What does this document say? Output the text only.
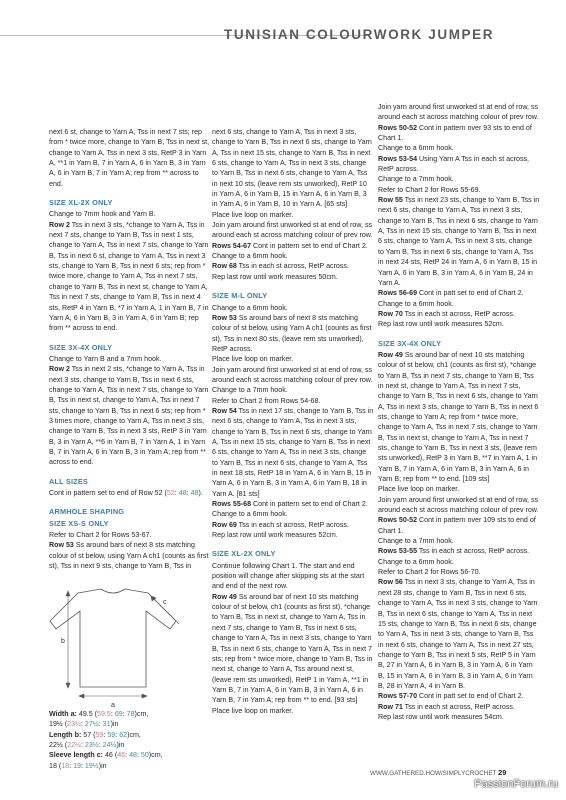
TUNISIAN COLOURWORK JUMPER

next 6 st, change to Yarn A, Tss in next 7 sts; rep from * twice more, change to Yarn B, Tss in next st, change to Yarn A, Tss in next 3 sts, RetP 3 in Yarn A, **1 in Yarn B, 7 in Yarn A, 6 in Yarn B, 3 in Yarn A, 6 in Yarn B, 7 in Yarn A; rep from ** across to end.

SIZE XL-2X ONLY

Change to 7mm hook and Yarn B.

Row 2 Tss in next 3 sts, *change to Yarn A, Tss in next 7 sts, change to Yarn B, Tss in next 1 sts, change to Yarn A, Tss in next 7 sts, change to Yarn B, Tss in next 6 st, change to Yarn A, Tss in next 3 sts, change to Yarn B, Tss in next 6 sts; rep from * twice more, change to Yarn A, Tss in next 7 sts, change to Yarn B, Tss in next st, change to Yarn A, Tss in next 7 sts, change to Yarn B, Tss in next 4 sts, RetP 4 in Yarn B, *7 in Yarn A, 1 in Yarn B, 7 in Yarn A, 6 in Yarn B, 3 in Yarn A, 6 in Yarn B; rep from ** across to end.

SIZE 3X-4X ONLY

Change to Yarn B and a 7mm hook.

Row 2 Tss in next 2 sts, *change to Yarn A, Tss in next 3 sts, change to Yarn B, Tss in next 6 sts, change to Yarn A, Tss in next 7 sts, change to Yarn B, Tss in next st, change to Yarn A, Tss in next 7 sts, change to Yarn B, Tss in next 6 sts; rep from * 3 times more, change to Yarn A, Tss in next 3 sts, change to Yarn B, Tss in next 3 sts, RetP 3 in Yarn B, 3 in Yarn A, **6 in Yarn B, 7 in Yarn A, 1 in Yarn B, 7 in Yarn A, 6 in Yarn B, 3 in Yarn A; rep from ** across to end.

ALL SIZES

Cont in pattern set to end of Row 52 (52: 48: 48).

ARMHOLE SHAPING
SIZE XS-S ONLY

Refer to Chart 2 for Rows 53-67.

Row 53 Ss around bars of next 8 sts matching colour of st below, using Yarn A ch1 (counts as first st), Tss in next 9 sts, change to Yarn B, Tss in

b
a
c
Width a: 49.5 (59.5: 69: 78)cm,
19½ (23½: 27½: 31)in
Length b: 57 (59: 59: 62)cm,
22½ (22½: 23½: 24½)in
Sleeve length c: 46 (46: 48: 50)cm,
18 (18: 19: 19½)in

next 6 sts, change to Yarn A, Tss in next 3 sts, change to Yarn B, Tss in next 6 sts, change to Yarn A, Tss in next 15 sts, change to Yarn B, Tss in next 6 sts, change to Yarn A, Tss in next 3 sts, change to Yarn B, Tss in next 6 sts, change to Yarn A, Tss in next 10 sts, (leave rem sts unworked), RetP 10 in Yarn A, 6 in Yarn B, 15 in Yarn A, 6 in Yarn B, 3 in Yarn A, 6 in Yarn B, 10 in Yarn A. [65 sts]

Place live loop on marker.

Join yarn around first unworked st at end of row, ss around each st across matching colour of prev row.

Rows 54-67 Cont in pattern set to end of Chart 2.

Change to a 6mm hook.

Row 68 Tss in each st across, RetP across.

Rep last row until work measures 50cm.

SIZE M-L ONLY

Change to a 6mm hook.

Row 53 Ss around bars of next 8 sts matching colour of st below, using Yarn A ch1 (counts as first st), Tss in next 80 sts, (leave rem sts unworked), RetP across.

Place live loop on marker.

Join yarn around first unworked st at end of row, ss around each st across matching colour of prev row.

Change to a 7mm hook.

Refer to Chart 2 from Rows 54-68.

Row 54 Tss in next 17 sts, change to Yarn B, Tss in next 6 sts, change to Yarn A, Tss in next 3 sts, change to Yarn B, Tss in next 6 sts, change to Yarn A, Tss in next 15 sts, change to Yarn B, Tss in next 6 sts, change to Yarn A, Tss in next 3 sts, change to Yarn B, Tss in next 6 sts, change to Yarn A, Tss in next 18 sts, RetP 18 in Yarn A, 6 in Yarn B, 15 in Yarn A, 6 in Yarn B, 3 in Yarn A, 6 in Yarn B, 18 in Yarn A. [81 sts]

Rows 55-68 Cont in pattern set to end of Chart 2.

Change to a 6mm hook.

Row 69 Tss in each st across, RetP across.

Rep last row until work measures 52cm.

SIZE XL-2X ONLY

Continue following Chart 1. The start and end position will change after skipping sts at the start and end of the next row.

Row 49 Ss around bar of next 10 sts matching colour of st below, ch1 (counts as first st), *change to Yarn B, Tss in next st, change to Yarn A, Tss in next 7 sts, change to Yarn B, Tss in next 6 sts, change to Yarn A, Tss in next 3 sts, change to Yarn B, Tss in next 6 sts, change to Yarn A, Tss in next 7 sts; rep from * twice more, change to Yarn B, Tss in next st, change to Yarn A, Tss around next st, (leave rem sts unworked), RetP 1 in Yarn A, **1 in Yarn B, 7 in Yarn A, 6 in Yarn B, 3 in Yarn A, 6 in Yarn B, 7 in Yarn A; rep from ** to end. [93 sts]

Place live loop on marker.

Join yarn around first unworked st at end of row, ss around each st across matching colour of prev row.

Rows 50-52 Cont in pattern over 93 sts to end of Chart 1.

Change to a 6mm hook.

Rows 53-54 Using Yarn A Tss in each st across, RetP across.

Change to a 7mm hook.

Refer to Chart 2 for Rows 55-69.

Row 55 Tss in next 23 sts, change to Yarn B, Tss in next 6 sts, change to Yarn A, Tss in next 3 sts, change to Yarn B, Tss in next 6 sts, change to Yarn A, Tss in next 15 sts, change to Yarn B, Tss in next 6 sts, change to Yarn A, Tss in next 3 sts, change to Yarn B, Tss in next 6 sts, change to Yarn A, Tss in next 24 sts, RetP 24 in Yarn A, 6 in Yarn B, 15 in Yarn A, 6 in Yarn B, 3 in Yarn A, 6 in Yarn B, 24 in Yarn A.

Rows 56-69 Cont in patt set to end of Chart 2.

Change to a 6mm hook.

Row 70 Tss in each st across, RetP across.

Rep last row until work measures 52cm.

SIZE 3X-4X ONLY

Row 49 Ss around bar of next 10 sts matching colour of st below, ch1 (counts as first st), *change to Yarn B, Tss in next 7 sts, change to Yarn B, Tss in next st, change to Yarn A, Tss in next 7 sts, change to Yarn B, Tss in next 6 sts, change to Yarn A, Tss in next 3 sts, change to Yarn B, Tss in next 6 sts, change to Yarn A; rep from * twice more, change to Yarn A, Tss in next 7 sts, change to Yarn B, Tss in next st, change to Yarn A, Tss in next 7 sts, change to Yarn B, Tss in next 3 sts, (leave rem sts unworked), RetP 3 in Yarn B, **7 in Yarn A, 1 in Yarn B, 7 in Yarn A, 6 in Yarn B, 3 in Yarn A, 6 in Yarn B; rep from ** to end. [109 sts]

Place live loop on marker.

Join yarn around first unworked st at end of row, ss around each st across matching colour of prev row.

Rows 50-52 Cont in pattern over 109 sts to end of Chart 1.

Change to a 7mm hook.

Rows 53-55 Tss in each st across, RetP across.

Change to a 6mm hook.

Refer to Chart 2 for Rows 56-70.

Row 56 Tss in next 3 sts, change to Yarn A, Tss in next 28 sts, change to Yarn B, Tss in next 6 sts, change to Yarn A, Tss in next 3 sts, change to Yarn B, Tss in next 6 sts, change to Yarn A, Tss in next 15 sts, change to Yarn B, Tss in next 6 sts, change to Yarn A, Tss in next 3 sts, change to Yarn B, Tss in next 6 sts, change to Yarn A, Tss in next 27 sts, change to Yarn B, Tss in next 5 sts, RetP 5 in Yarn B, 27 in Yarn A, 6 in Yarn B, 3 in Yarn A, 6 in Yarn B, 15 in Yarn A, 6 in Yarn B, 3 in Yarn A, 6 in Yarn B, 28 in Yarn A, 4 in Yarn B.

Rows 57-70 Cont in patt set to end of Chart 2.

Row 71 Tss in each st across, RetP across.

Rep last row until work measures 54cm.

WWW.GATHERED.HOW/SIMPLYCROCHET 29
PassionForum.ru
